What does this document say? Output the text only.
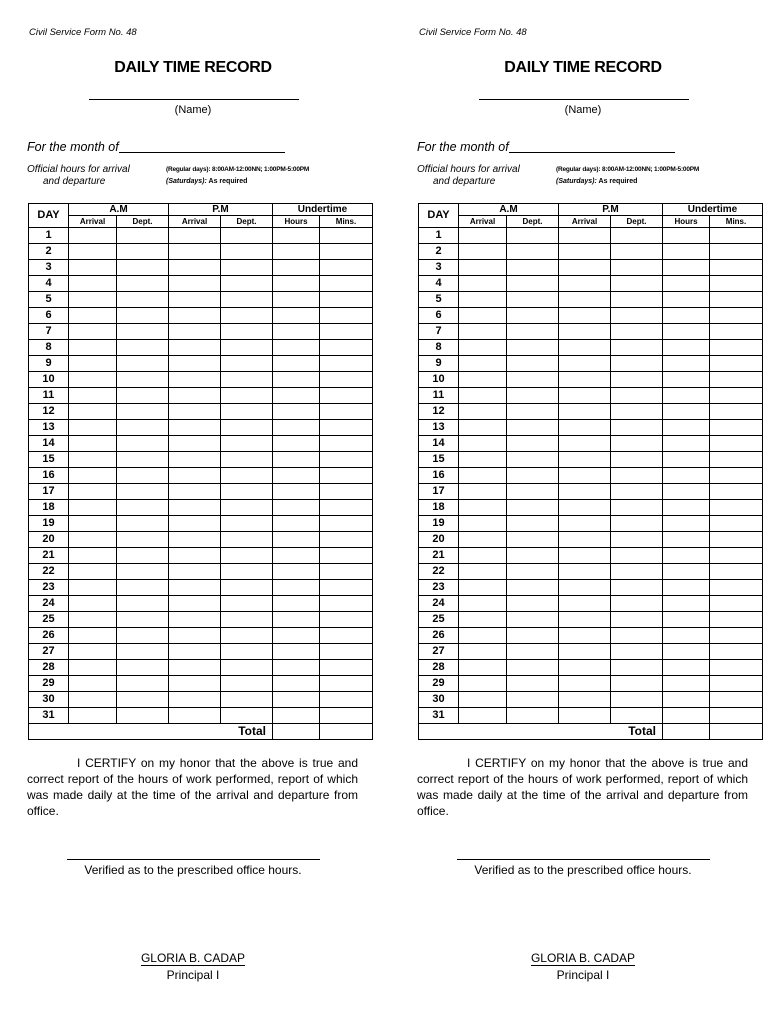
Civil Service Form No. 48
DAILY TIME RECORD
(Name)
For the month of
Official hours for arrival
and departure
(Regular days): 8:00AM-12:00NN; 1:00PM-5:00PM
(Saturdays): As required
DAY	A.M		P.M		Undertime	
	Arrival	Dept.	Arrival	Dept.	Hours	Mins.
1						
2						
3						
4						
5						
6						
7						
8						
9						
10						
11						
12						
13						
14						
15						
16						
17						
18						
19						
20						
21						
22						
23						
24						
25						
26						
27						
28						
29						
30						
31						
				Total		
I CERTIFY on my honor that the above is true and correct report of the hours of work performed, report of which was made daily at the time of the arrival and departure from office.
Verified as to the prescribed office hours.
GLORIA B. CADAP
Principal I
Civil Service Form No. 48
DAILY TIME RECORD
(Name)
For the month of
Official hours for arrival
and departure
(Regular days): 8:00AM-12:00NN; 1:00PM-5:00PM
(Saturdays): As required
DAY	A.M		P.M		Undertime	
	Arrival	Dept.	Arrival	Dept.	Hours	Mins.
1						
2						
3						
4						
5						
6						
7						
8						
9						
10						
11						
12						
13						
14						
15						
16						
17						
18						
19						
20						
21						
22						
23						
24						
25						
26						
27						
28						
29						
30						
31						
				Total		
I CERTIFY on my honor that the above is true and correct report of the hours of work performed, report of which was made daily at the time of the arrival and departure from office.
Verified as to the prescribed office hours.
GLORIA B. CADAP
Principal I
